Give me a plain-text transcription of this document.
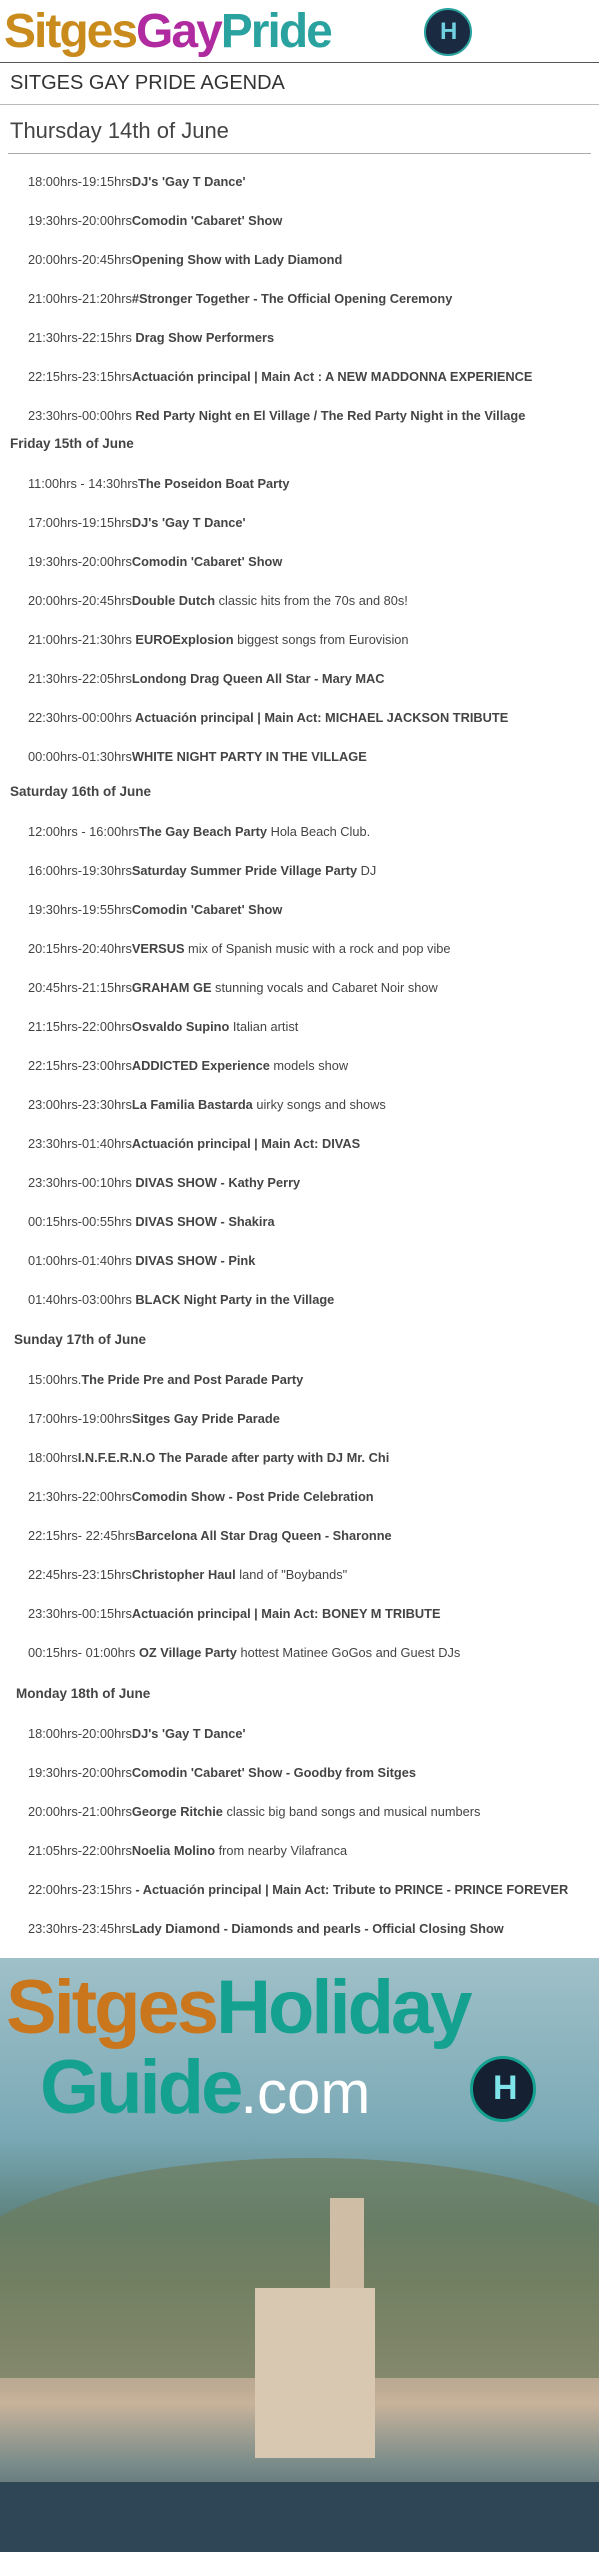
SitgesGayPride
H
SITGES GAY PRIDE AGENDA
Thursday 14th of June
18:00hrs-19:15hrsDJ's 'Gay T Dance'
19:30hrs-20:00hrsComodin 'Cabaret' Show
20:00hrs-20:45hrsOpening Show with Lady Diamond
21:00hrs-21:20hrs#Stronger Together - The Official Opening Ceremony
21:30hrs-22:15hrs Drag Show Performers
22:15hrs-23:15hrsActuación principal | Main Act : A NEW MADDONNA EXPERIENCE
23:30hrs-00:00hrs Red Party Night en El Village / The Red Party Night in the Village
Friday 15th of June
11:00hrs - 14:30hrsThe Poseidon Boat Party
17:00hrs-19:15hrsDJ's 'Gay T Dance'
19:30hrs-20:00hrsComodin 'Cabaret' Show
20:00hrs-20:45hrsDouble Dutch classic hits from the 70s and 80s!
21:00hrs-21:30hrs EUROExplosion biggest songs from Eurovision
21:30hrs-22:05hrsLondong Drag Queen All Star - Mary MAC
22:30hrs-00:00hrs Actuación principal | Main Act: MICHAEL JACKSON TRIBUTE
00:00hrs-01:30hrsWHITE NIGHT PARTY IN THE VILLAGE
Saturday 16th of June
12:00hrs - 16:00hrsThe Gay Beach Party Hola Beach Club.
16:00hrs-19:30hrsSaturday Summer Pride Village Party DJ
19:30hrs-19:55hrsComodin 'Cabaret' Show
20:15hrs-20:40hrsVERSUS mix of Spanish music with a rock and pop vibe
20:45hrs-21:15hrsGRAHAM GE stunning vocals and Cabaret Noir show
21:15hrs-22:00hrsOsvaldo Supino Italian artist
22:15hrs-23:00hrsADDICTED Experience models show
23:00hrs-23:30hrsLa Familia Bastarda uirky songs and shows
23:30hrs-01:40hrsActuación principal | Main Act: DIVAS
23:30hrs-00:10hrs DIVAS SHOW - Kathy Perry
00:15hrs-00:55hrs DIVAS SHOW - Shakira
01:00hrs-01:40hrs DIVAS SHOW - Pink
01:40hrs-03:00hrs BLACK Night Party in the Village
Sunday 17th of June
15:00hrs.The Pride Pre and Post Parade Party
17:00hrs-19:00hrsSitges Gay Pride Parade
18:00hrsI.N.F.E.R.N.O The Parade after party with DJ Mr. Chi
21:30hrs-22:00hrsComodin Show - Post Pride Celebration
22:15hrs- 22:45hrsBarcelona All Star Drag Queen - Sharonne
22:45hrs-23:15hrsChristopher Haul land of "Boybands"
23:30hrs-00:15hrsActuación principal | Main Act: BONEY M TRIBUTE
00:15hrs- 01:00hrs OZ Village Party hottest Matinee GoGos and Guest DJs
Monday 18th of June
18:00hrs-20:00hrsDJ's 'Gay T Dance'
19:30hrs-20:00hrsComodin 'Cabaret' Show - Goodby from Sitges
20:00hrs-21:00hrsGeorge Ritchie classic big band songs and musical numbers
21:05hrs-22:00hrsNoelia Molino from nearby Vilafranca
22:00hrs-23:15hrs - Actuación principal | Main Act: Tribute to PRINCE - PRINCE FOREVER
23:30hrs-23:45hrsLady Diamond - Diamonds and pearls - Official Closing Show
SitgesHoliday
Guide.com
H
